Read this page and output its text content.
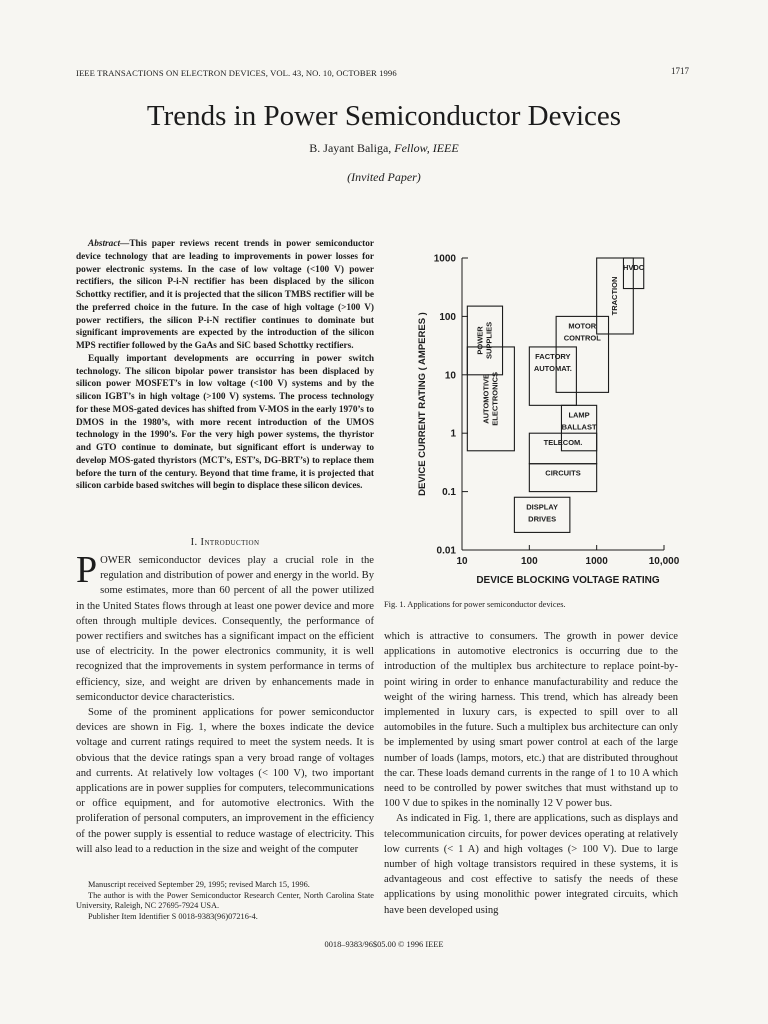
IEEE TRANSACTIONS ON ELECTRON DEVICES, VOL. 43, NO. 10, OCTOBER 1996	1717
Trends in Power Semiconductor Devices
B. Jayant Baliga, Fellow, IEEE
(Invited Paper)

Abstract—This paper reviews recent trends in power semiconductor device technology that are leading to improvements in power losses for power electronic systems. In the case of low voltage (<100 V) power rectifiers, the silicon P-i-N rectifier has been displaced by the silicon Schottky rectifier, and it is projected that the silicon TMBS rectifier will be the preferred choice in the future. In the case of high voltage (>100 V) power rectifiers, the silicon P-i-N rectifier continues to dominate but significant improvements are expected by the introduction of the silicon MPS rectifier followed by the GaAs and SiC based Schottky rectifiers.

Equally important developments are occurring in power switch technology. The silicon bipolar power transistor has been displaced by silicon power MOSFET’s in low voltage (<100 V) systems and by the silicon IGBT’s in high voltage (>100 V) systems. The process technology for these MOS-gated devices has shifted from V-MOS in the early 1970’s to DMOS in the 1980’s, with more recent introduction of the UMOS technology in the 1990’s. For the very high power systems, the thyristor and GTO continue to dominate, but significant effort is underway to develop MOS-gated thyristors (MCT’s, EST’s, DG-BRT’s) to replace them before the turn of the century. Beyond that time frame, it is projected that silicon carbide based switches will begin to displace these silicon devices.

I. Introduction

POWER semiconductor devices play a crucial role in the regulation and distribution of power and energy in the world. By some estimates, more than 60 percent of all the power utilized in the United States flows through at least one power device and more often through multiple devices. Consequently, the performance of power rectifiers and switches has a significant impact on the efficient use of electricity. In the power electronics community, it is well recognized that the improvements in system performance in terms of efficiency, size, and weight are driven by enhancements made in semiconductor device characteristics.

Some of the prominent applications for power semiconductor devices are shown in Fig. 1, where the boxes indicate the device voltage and current ratings required to meet the system needs. It is obvious that the device ratings span a very broad range of voltages and currents. At relatively low voltages (< 100 V), two important applications are in power supplies for computers, telecommunications or office equipment, and for automotive electronics. With the proliferation of personal computers, an improvement in the efficiency of the power supply is essential to reduce wastage of electricity. This will also lead to a reduction in the size and weight of the computer

Manuscript received September 29, 1995; revised March 15, 1996.

The author is with the Power Semiconductor Research Center, North Carolina State University, Raleigh, NC 27695-7924 USA.

Publisher Item Identifier S 0018-9383(96)07216-4.

0.01
0.1
1
10
100
1000
10	100	1000	10,000
DEVICE BLOCKING VOLTAGE RATING
DEVICE CURRENT RATING ( AMPERES )
HVDC
TRACTION
MOTOR CONTROL
FACTORY AUTOMAT.
POWERSUPPLIES
AUTOMOTIVEELECTRONICS	LAMP BALLAST
TELECOM.
CIRCUITS
DISPLAY DRIVES
Fig. 1. Applications for power semiconductor devices.

which is attractive to consumers. The growth in power device applications in automotive electronics is occurring due to the introduction of the multiplex bus architecture to replace point-by-point wiring in order to enhance manufacturability and reduce the weight of the wiring harness. This trend, which has already been implemented in luxury cars, is expected to spill over to all automobiles in the future. Such a multiplex bus architecture can only be implemented by using smart power control at each of the large number of loads (lamps, motors, etc.) that are distributed throughout the car. These loads demand currents in the range of 1 to 10 A which need to be controlled by power switches that must withstand up to 100 V due to spikes in the nominally 12 V power bus.

As indicated in Fig. 1, there are applications, such as displays and telecommunication circuits, for power devices operating at relatively low currents (< 1 A) and high voltages (> 100 V). Due to large number of high voltage transistors required in these systems, it is advantageous and cost effective to satisfy the needs of these applications by using monolithic power integrated circuits, which have been developed using

0018–9383/96$05.00 © 1996 IEEE
